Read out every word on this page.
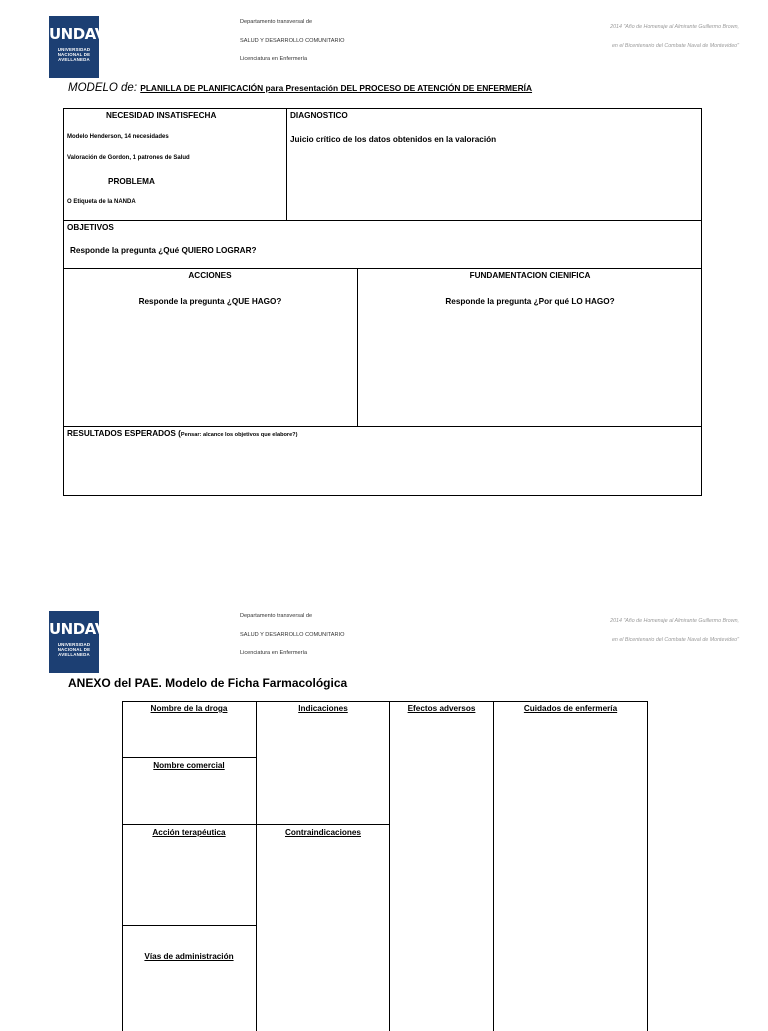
UNDAV
UNIVERSIDAD
NACIONAL DE
AVELLANEDA
Departamento transversal de
SALUD Y DESARROLLO COMUNITARIO
Licenciatura en Enfermería
2014 "Año de Homenaje al Almirante Guillermo Brown,
en el Bicentenario del Combate Naval de Montevideo"
MODELO de: PLANILLA DE PLANIFICACIÓN para Presentación DEL PROCESO DE ATENCIÓN DE ENFERMERÍA
NECESIDAD INSATISFECHA
Modelo Henderson, 14 necesidades
Valoración de Gordon, 1 patrones de Salud
PROBLEMA
O Etiqueta de la NANDA
DIAGNOSTICO
Juicio crítico de los datos obtenidos en la valoración
OBJETIVOS
Responde la pregunta ¿Qué QUIERO LOGRAR?
ACCIONES
Responde la pregunta ¿QUE HAGO?
FUNDAMENTACION CIENIFICA
Responde la pregunta ¿Por qué LO HAGO?
RESULTADOS ESPERADOS (Pensar: alcance los objetivos que elabore?)
UNDAV
UNIVERSIDAD
NACIONAL DE
AVELLANEDA
Departamento transversal de
SALUD Y DESARROLLO COMUNITARIO
Licenciatura en Enfermería
2014 "Año de Homenaje al Almirante Guillermo Brown,
en el Bicentenario del Combate Naval de Montevideo"
ANEXO del PAE. Modelo de Ficha Farmacológica
Nombre de la droga	Indicaciones	Efectos adversos	Cuidados de enfermería
Nombre comercial
Acción terapéutica	Contraindicaciones
Vías de administración
